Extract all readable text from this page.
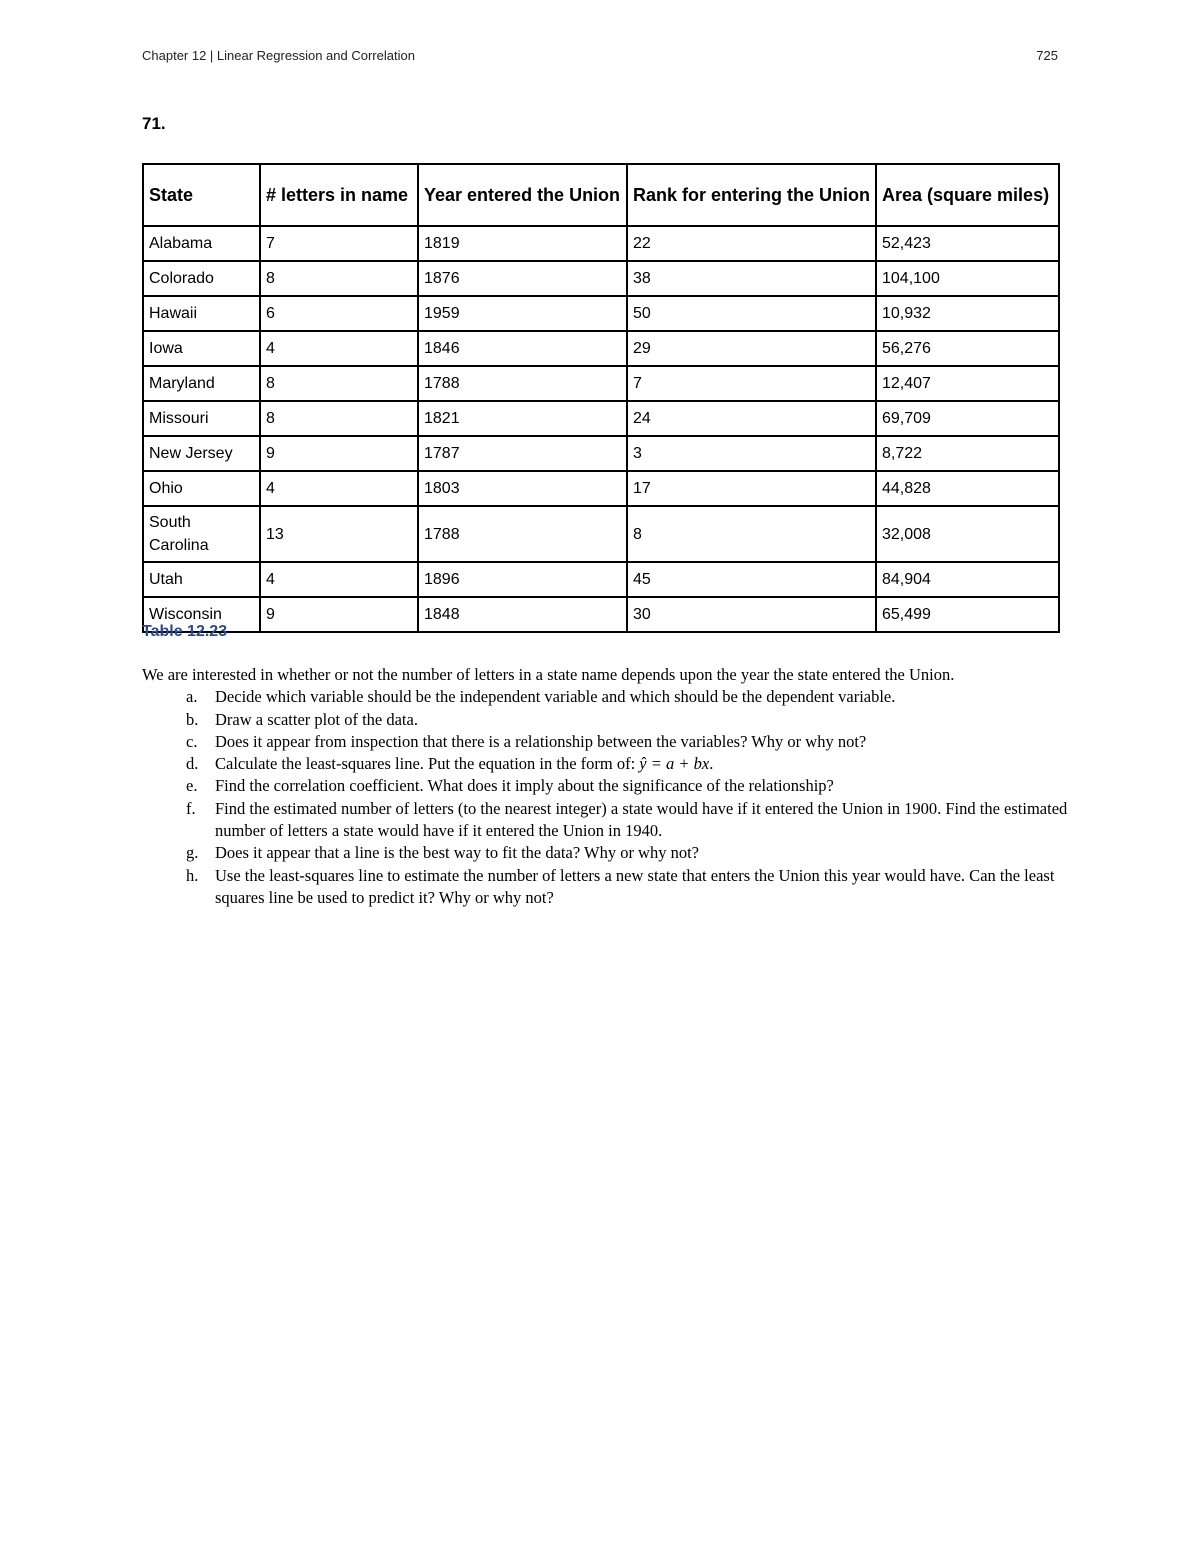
Chapter 12 | Linear Regression and Correlation	725
71.
State	# letters in name	Year entered the Union	Rank for entering the Union	Area (square miles)
Alabama	7	1819	22	52,423
Colorado	8	1876	38	104,100
Hawaii	6	1959	50	10,932
Iowa	4	1846	29	56,276
Maryland	8	1788	7	12,407
Missouri	8	1821	24	69,709
New Jersey	9	1787	3	8,722
Ohio	4	1803	17	44,828
South Carolina	13	1788	8	32,008
Utah	4	1896	45	84,904
Wisconsin	9	1848	30	65,499
Table 12.23

We are interested in whether or not the number of letters in a state name depends upon the year the state entered the Union.

a. Decide which variable should be the independent variable and which should be the dependent variable.
b. Draw a scatter plot of the data.
c. Does it appear from inspection that there is a relationship between the variables? Why or why not?
d. Calculate the least-squares line. Put the equation in the form of: ŷ = a + bx.
e. Find the correlation coefficient. What does it imply about the significance of the relationship?
f. Find the estimated number of letters (to the nearest integer) a state would have if it entered the Union in 1900. Find the estimated number of letters a state would have if it entered the Union in 1940.
g. Does it appear that a line is the best way to fit the data? Why or why not?
h. Use the least-squares line to estimate the number of letters a new state that enters the Union this year would have. Can the least squares line be used to predict it? Why or why not?
